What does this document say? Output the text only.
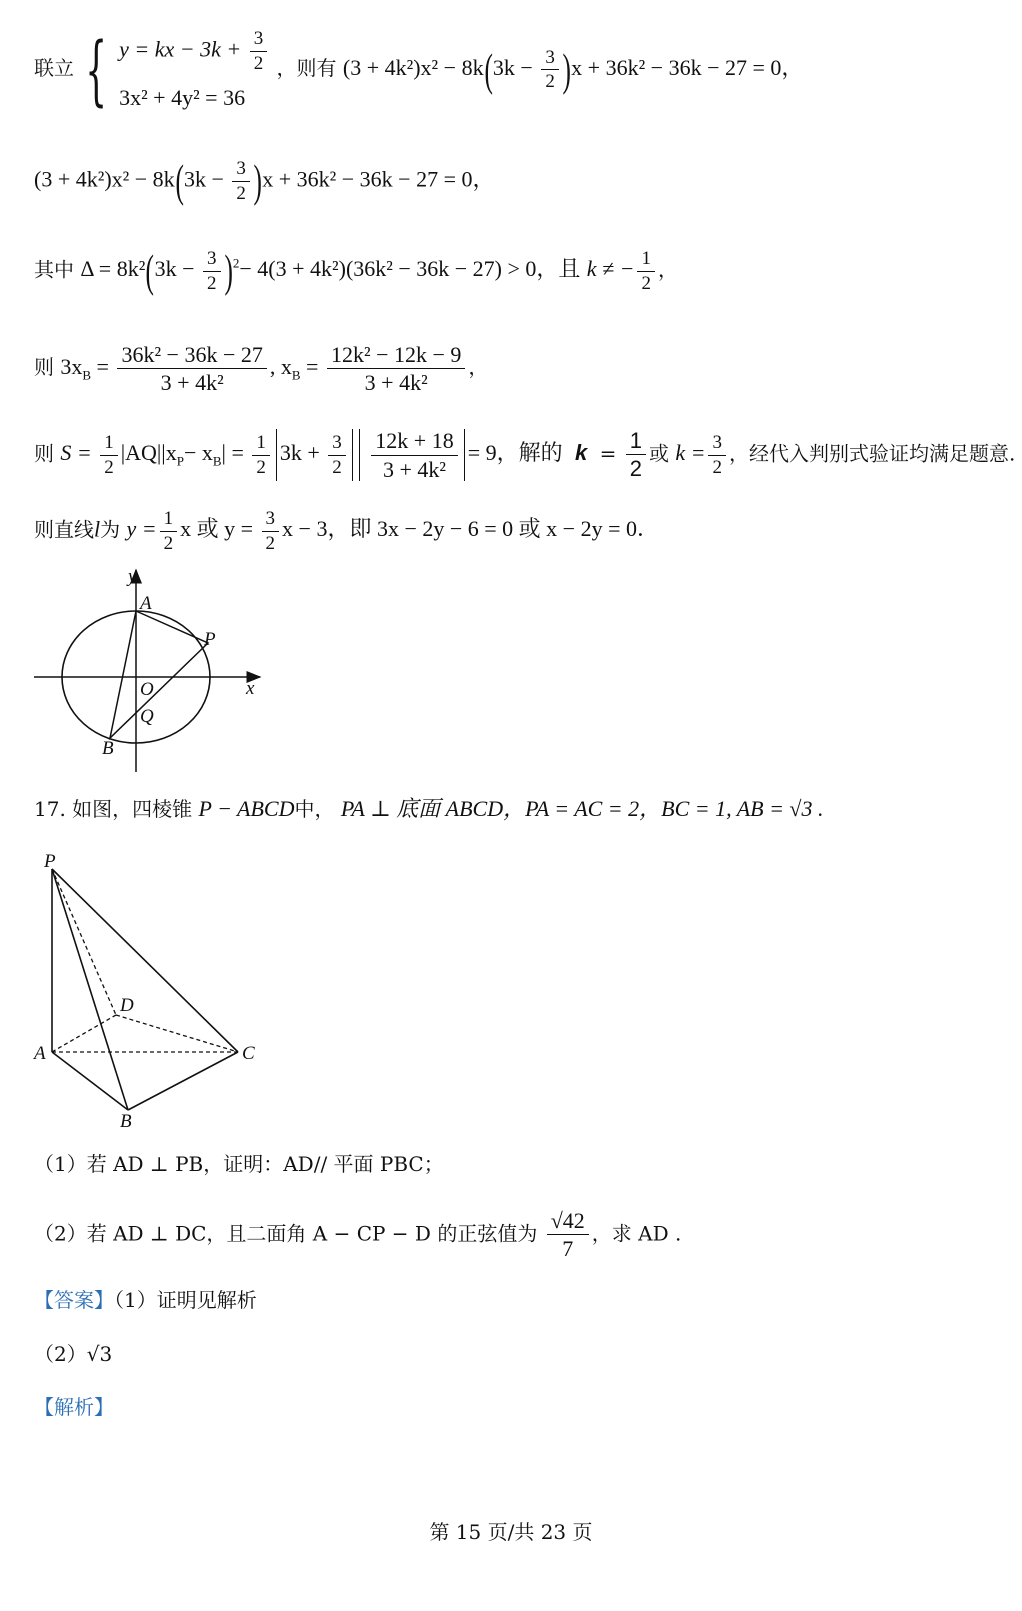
联立 { y = kx − $3k + \frac{3}{2}$
3x² + 4y² = 36
，则有 $(3 + 4k^2)x^2 - 8k(3k - \frac{3}{2} )x + 36k^2 - 36k - 27 = 0$，
$(3 + 4k^2)x^2 - 8k(3k - \frac{3}{2} )x + 36k^2 - 36k - 27 = 0$，
其中 $\Delta = 8k^2(3k - \frac{3}{2} )^2- 4(3 + 4k^2)(36k^2 - 36k - 27) > 0$，且 k ≠ − $\frac{1}{2}$ ，
则 $3x_B = \frac{\text{36k² − 36k − 27}}{\text{3 + 4k²}}$ , $x_B = \frac{\text{12k² − 12k − 9}}{\text{3 + 4k²}}$ ，
则 $S = \frac{1}{2} |AQ||x_P- x_B| = \frac{1}{2} 3k + \frac{3}{2}$
$\frac{12k + 18}{\text{3 + 4k²}} = 9$，解的 $k = \frac{1}{2}$ 或 $k = \frac{3}{2}$ ，经代入判别式验证均满足题意.
则直线l为 $y = \frac{1}{2}$ x 或 $y = \frac{3}{2}$ x − 3，即 3x − 2y − 6 = 0 或 x − 2y = 0．
y
A
P
O	x
Q
B
17. 如图，四棱锥 P − ABCD中， PA ⊥ 底面 ABCD，PA = AC = 2，BC = 1, AB = √3 .
P
D
A	C
B
（1）若 AD ⊥ PB，证明：AD// 平面 PBC；
（2）若 AD ⊥ DC，且二面角 A − CP − D 的正弦值为 $\frac{√42}{7}$ ，求 AD .
【答案】（1）证明见解析
（2）√3
【解析】
第 15 页/共 23 页
